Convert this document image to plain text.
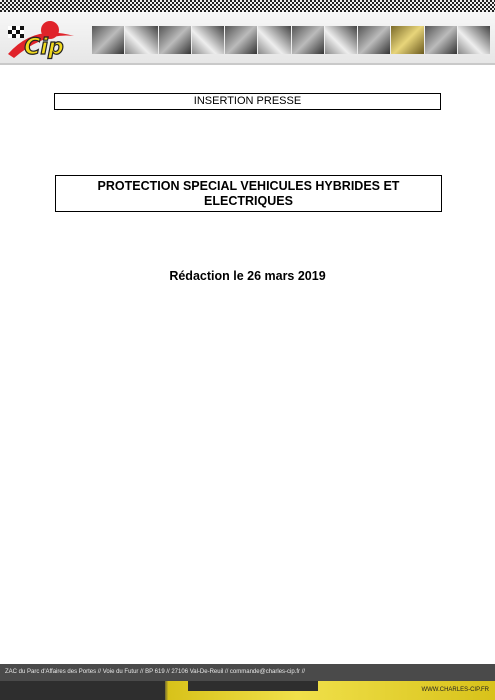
Cip
INSERTION PRESSE
PROTECTION SPECIAL VEHICULES HYBRIDES ET
ELECTRIQUES
Rédaction le 26 mars 2019
ZAC du Parc d'Affaires des Portes // Voie du Futur // BP 619 // 27106 Val-De-Reuil // commande@charles-cip.fr //
WWW.CHARLES-CIP.FR
